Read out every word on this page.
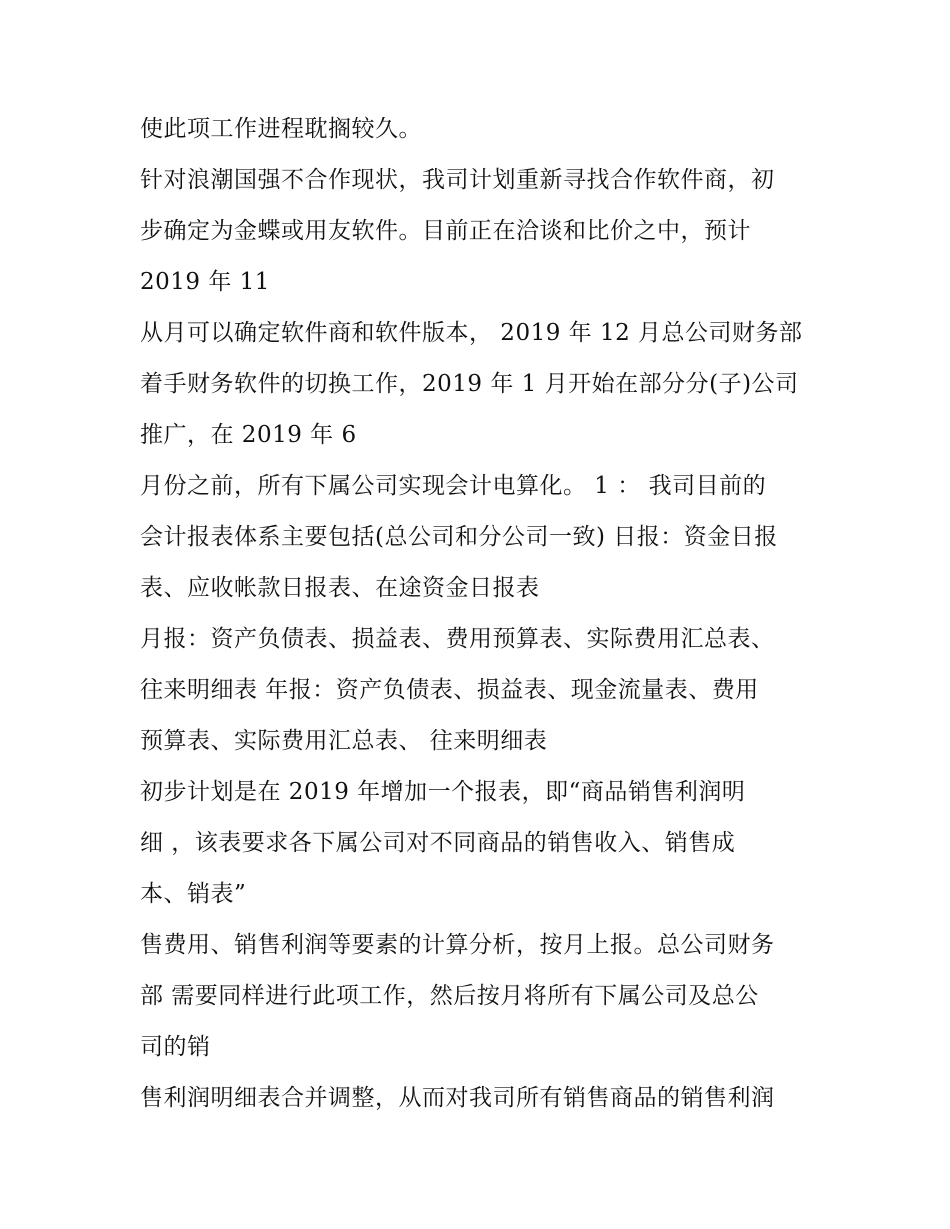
使此项工作进程耽搁较久。
针对浪潮国强不合作现状，我司计划重新寻找合作软件商，初
步确定为金蝶或用友软件。目前正在洽谈和比价之中，预计
2019 年 11
从月可以确定软件商和软件版本， 2019 年 12 月总公司财务部
着手财务软件的切换工作，2019 年 1 月开始在部分分(子)公司
推广，在 2019 年 6
月份之前，所有下属公司实现会计电算化。 1 ： 我司目前的
会计报表体系主要包括(总公司和分公司一致) 日报：资金日报
表、应收帐款日报表、在途资金日报表
月报：资产负债表、损益表、费用预算表、实际费用汇总表、
往来明细表 年报：资产负债表、损益表、现金流量表、费用
预算表、实际费用汇总表、 往来明细表
初步计划是在 2019 年增加一个报表，即“商品销售利润明
细 ，该表要求各下属公司对不同商品的销售收入、销售成
本、销表”
售费用、销售利润等要素的计算分析，按月上报。总公司财务
部 需要同样进行此项工作，然后按月将所有下属公司及总公
司的销
售利润明细表合并调整，从而对我司所有销售商品的销售利润
